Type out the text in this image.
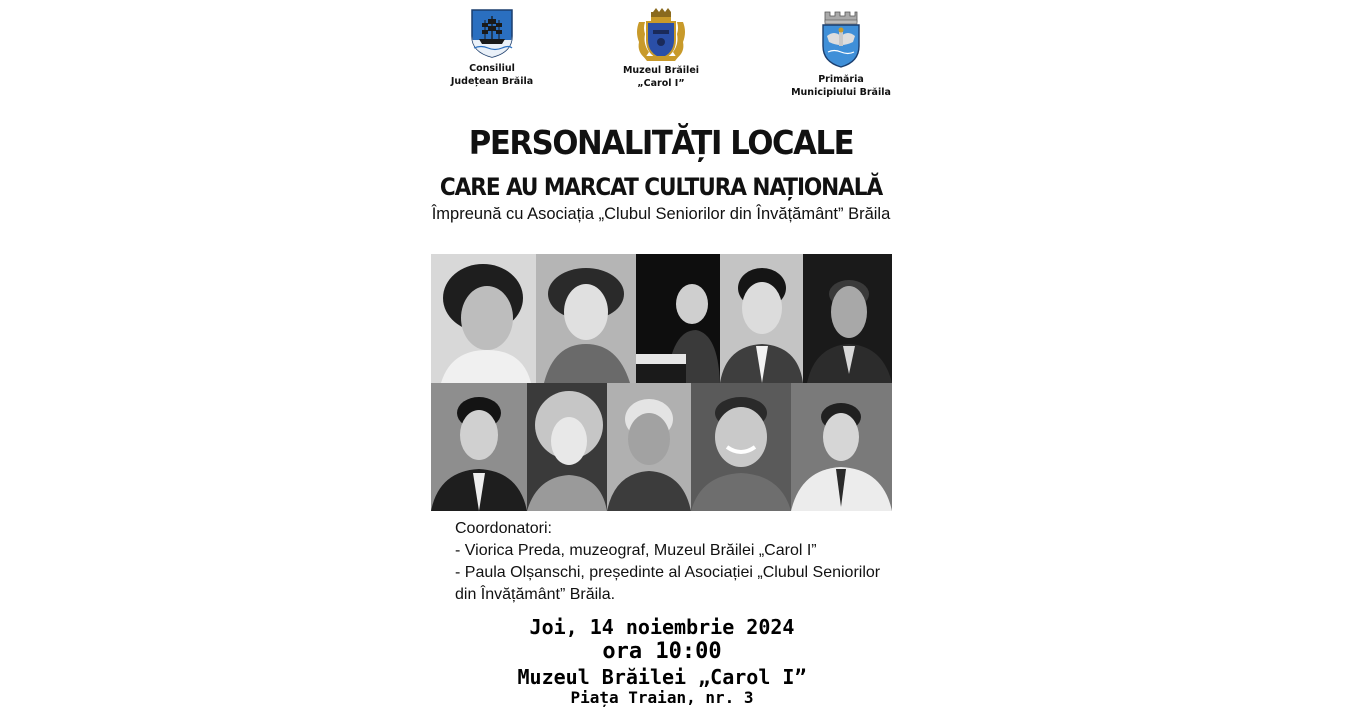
Consiliul
Județean Brăila
Muzeul Brăilei
„Carol I”	Primăria
Municipiului Brăila
PERSONALITĂȚI LOCALE
CARE AU MARCAT CULTURA NAȚIONALĂ
Împreună cu Asociația „Clubul Seniorilor din Învățământ” Brăila
Coordonatori:
- Viorica Preda, muzeograf, Muzeul Brăilei „Carol I”
- Paula Olșanschi, președinte al Asociației „Clubul Seniorilor
din Învățământ” Brăila.
Joi, 14 noiembrie 2024
ora 10:00
Muzeul Brăilei „Carol I”
Piața Traian, nr. 3
